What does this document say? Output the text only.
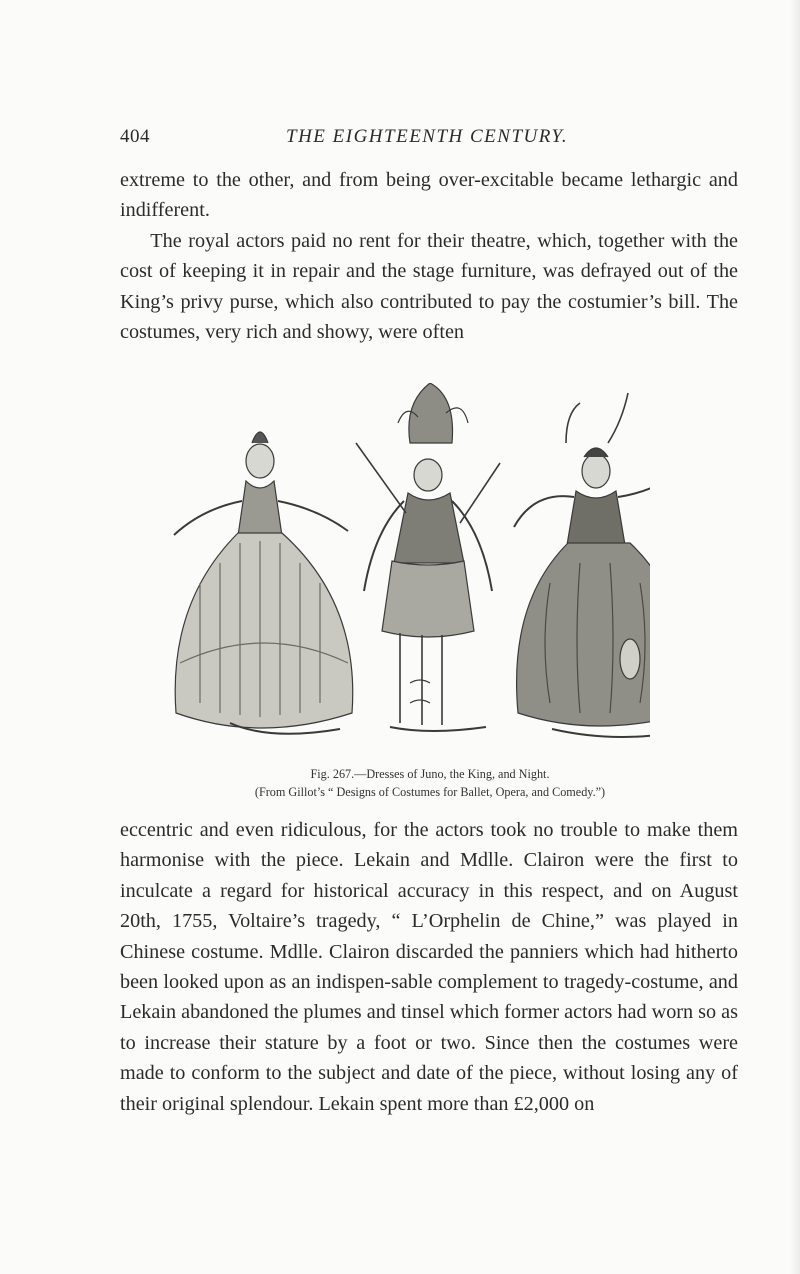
404	THE EIGHTEENTH CENTURY.

extreme to the other, and from being over-excitable became lethargic and indifferent.

The royal actors paid no rent for their theatre, which, together with the cost of keeping it in repair and the stage furniture, was defrayed out of the King’s privy purse, which also contributed to pay the costumier’s bill. The costumes, very rich and showy, were often

Fig. 267.—Dresses of Juno, the King, and Night.
(From Gillot’s “ Designs of Costumes for Ballet, Opera, and Comedy.”)

eccentric and even ridiculous, for the actors took no trouble to make them harmonise with the piece. Lekain and Mdlle. Clairon were the first to inculcate a regard for historical accuracy in this respect, and on August 20th, 1755, Voltaire’s tragedy, “ L’Orphelin de Chine,” was played in Chinese costume. Mdlle. Clairon discarded the panniers which had hitherto been looked upon as an indispen-sable complement to tragedy-costume, and Lekain abandoned the plumes and tinsel which former actors had worn so as to increase their stature by a foot or two. Since then the costumes were made to conform to the subject and date of the piece, without losing any of their original splendour. Lekain spent more than £2,000 on
